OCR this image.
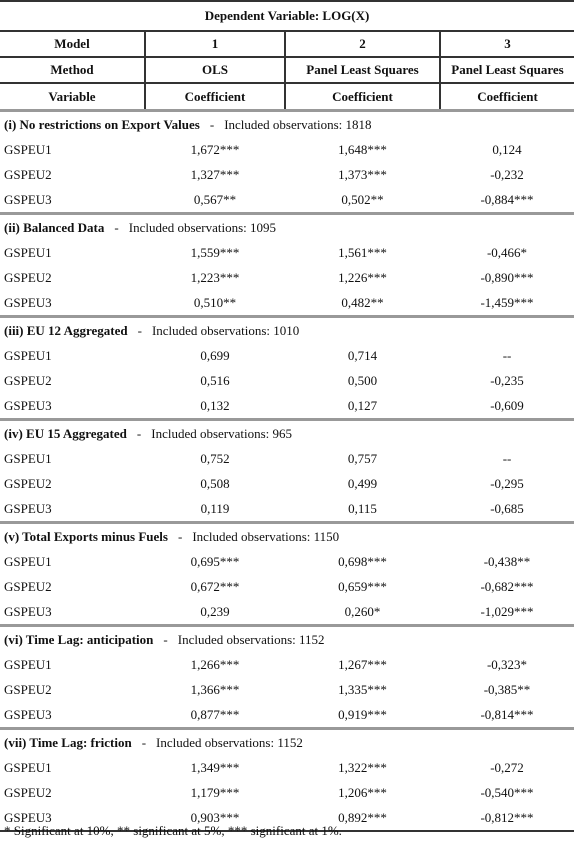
Dependent Variable: LOG(X)			
Model	1	2	3
Method	OLS	Panel Least Squares	Panel Least Squares
Variable	Coefficient	Coefficient	Coefficient
(i) No restrictions on Export Values - Included observations: 1818			
GSPEU1	1,672***	1,648***	0,124
GSPEU2	1,327***	1,373***	-0,232
GSPEU3	0,567**	0,502**	-0,884***
(ii) Balanced Data - Included observations: 1095			
GSPEU1	1,559***	1,561***	-0,466*
GSPEU2	1,223***	1,226***	-0,890***
GSPEU3	0,510**	0,482**	-1,459***
(iii) EU 12 Aggregated - Included observations: 1010			
GSPEU1	0,699	0,714	--
GSPEU2	0,516	0,500	-0,235
GSPEU3	0,132	0,127	-0,609
(iv) EU 15 Aggregated - Included observations: 965			
GSPEU1	0,752	0,757	--
GSPEU2	0,508	0,499	-0,295
GSPEU3	0,119	0,115	-0,685
(v) Total Exports minus Fuels - Included observations: 1150			
GSPEU1	0,695***	0,698***	-0,438**
GSPEU2	0,672***	0,659***	-0,682***
GSPEU3	0,239	0,260*	-1,029***
(vi) Time Lag: anticipation - Included observations: 1152			
GSPEU1	1,266***	1,267***	-0,323*
GSPEU2	1,366***	1,335***	-0,385**
GSPEU3	0,877***	0,919***	-0,814***
(vii) Time Lag: friction - Included observations: 1152			
GSPEU1	1,349***	1,322***	-0,272
GSPEU2	1,179***	1,206***	-0,540***
GSPEU3	0,903***	0,892***	-0,812***
* Significant at 10%, ** significant at 5%, *** significant at 1%.
